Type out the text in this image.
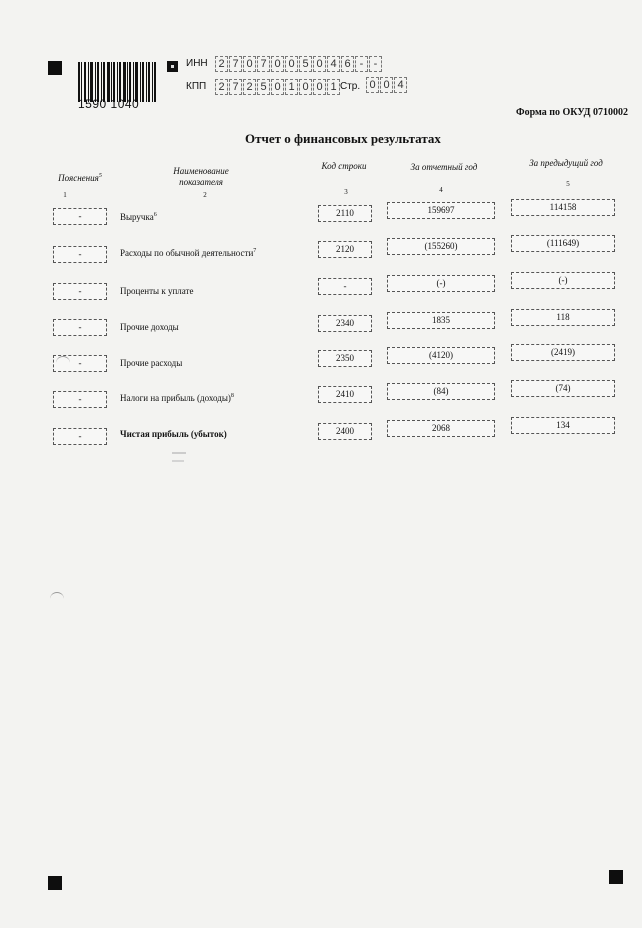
1590 1040
ИНН 2 7 0 7 0 0 5 0 4 6 - -
КПП	2 7 2 5 0 1 0 0 1 Стр. 0 0 4
Форма по ОКУД 0710002
Отчет о финансовых результатах
Пояснения$^5$	Наименование показателя
Код строки	За отчетный год	За предыдущий год
1	2	3	4
5
-	Выручка$^6$	2110	159697	114158
-	Расходы по обычной деятельности$^7$	2120	(155260)	(111649)
-	Проценты к уплате	-	(-)	(-)
-	Прочие доходы	2340	1835	118
-	Прочие расходы	2350	(4120)	(2419)
-	Налоги на прибыль (доходы)$^8$	2410	(84)	(74)
-	Чистая прибыль (убыток)	2400	2068	134
